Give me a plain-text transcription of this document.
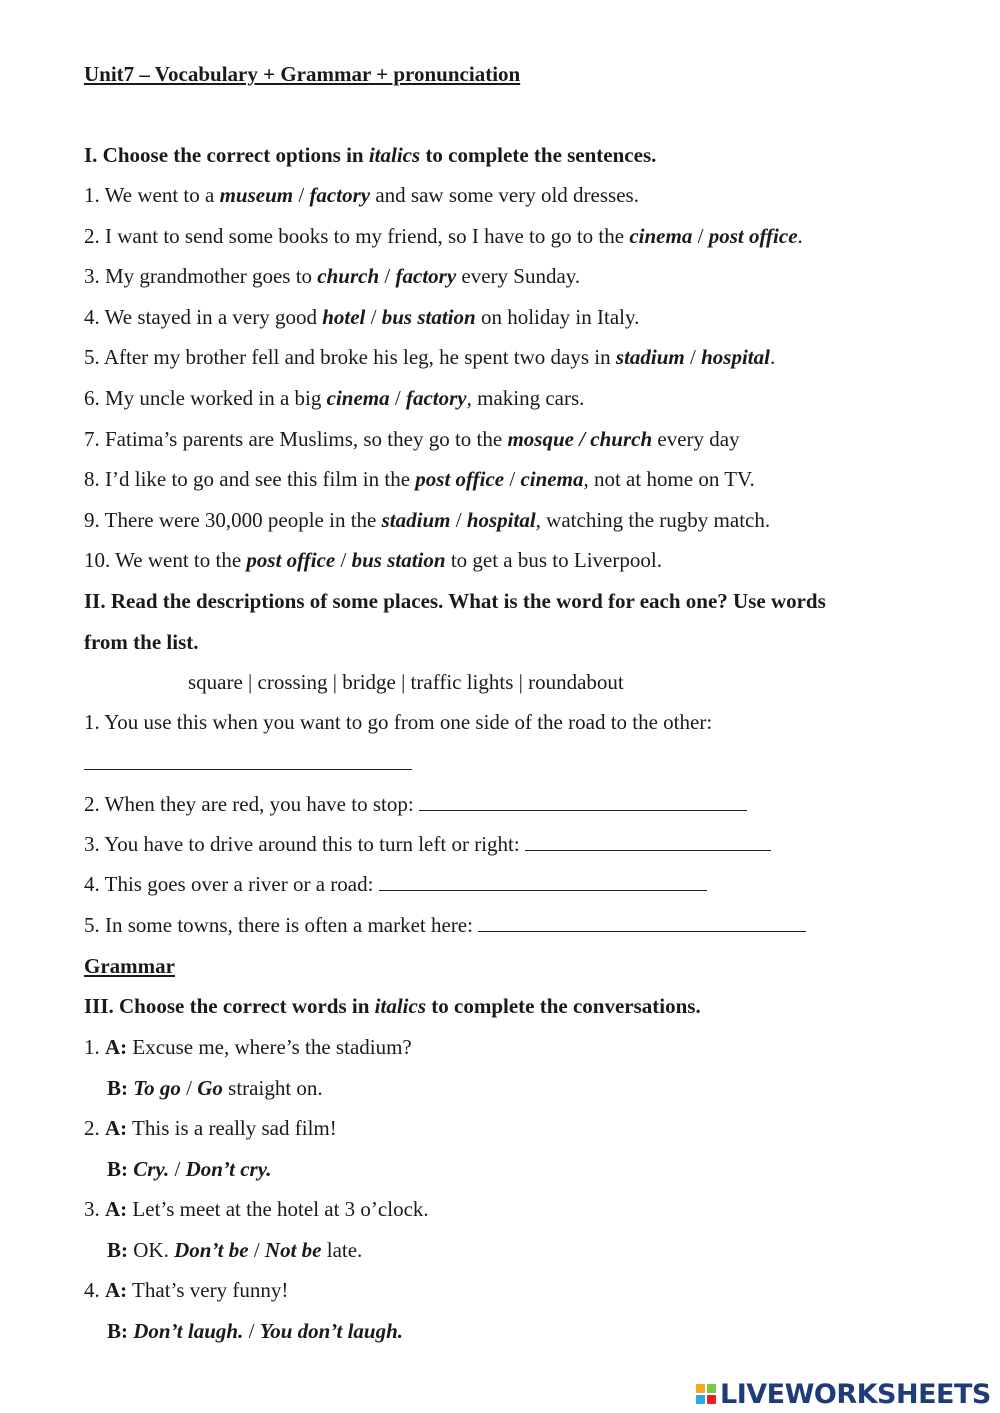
Unit7 – Vocabulary + Grammar + pronunciation
I. Choose the correct options in italics to complete the sentences.
1. We went to a museum / factory and saw some very old dresses.
2. I want to send some books to my friend, so I have to go to the cinema / post office.
3. My grandmother goes to church / factory every Sunday.
4. We stayed in a very good hotel / bus station on holiday in Italy.
5. After my brother fell and broke his leg, he spent two days in stadium / hospital.
6. My uncle worked in a big cinema / factory, making cars.
7. Fatima’s parents are Muslims, so they go to the mosque / church every day
8. I’d like to go and see this film in the post office / cinema, not at home on TV.
9. There were 30,000 people in the stadium / hospital, watching the rugby match.
10. We went to the post office / bus station to get a bus to Liverpool.
II. Read the descriptions of some places. What is the word for each one? Use words
from the list.
square | crossing | bridge | traffic lights | roundabout
1. You use this when you want to go from one side of the road to the other:
2. When they are red, you have to stop:
3. You have to drive around this to turn left or right:
4. This goes over a river or a road:
5. In some towns, there is often a market here:
Grammar
III. Choose the correct words in italics to complete the conversations.
1. A: Excuse me, where’s the stadium?
B: To go / Go straight on.
2. A: This is a really sad film!
B: Cry. / Don’t cry.
3. A: Let’s meet at the hotel at 3 o’clock.
B: OK. Don’t be / Not be late.
4. A: That’s very funny!
B: Don’t laugh. / You don’t laugh.
LIVEWORKSHEETS
